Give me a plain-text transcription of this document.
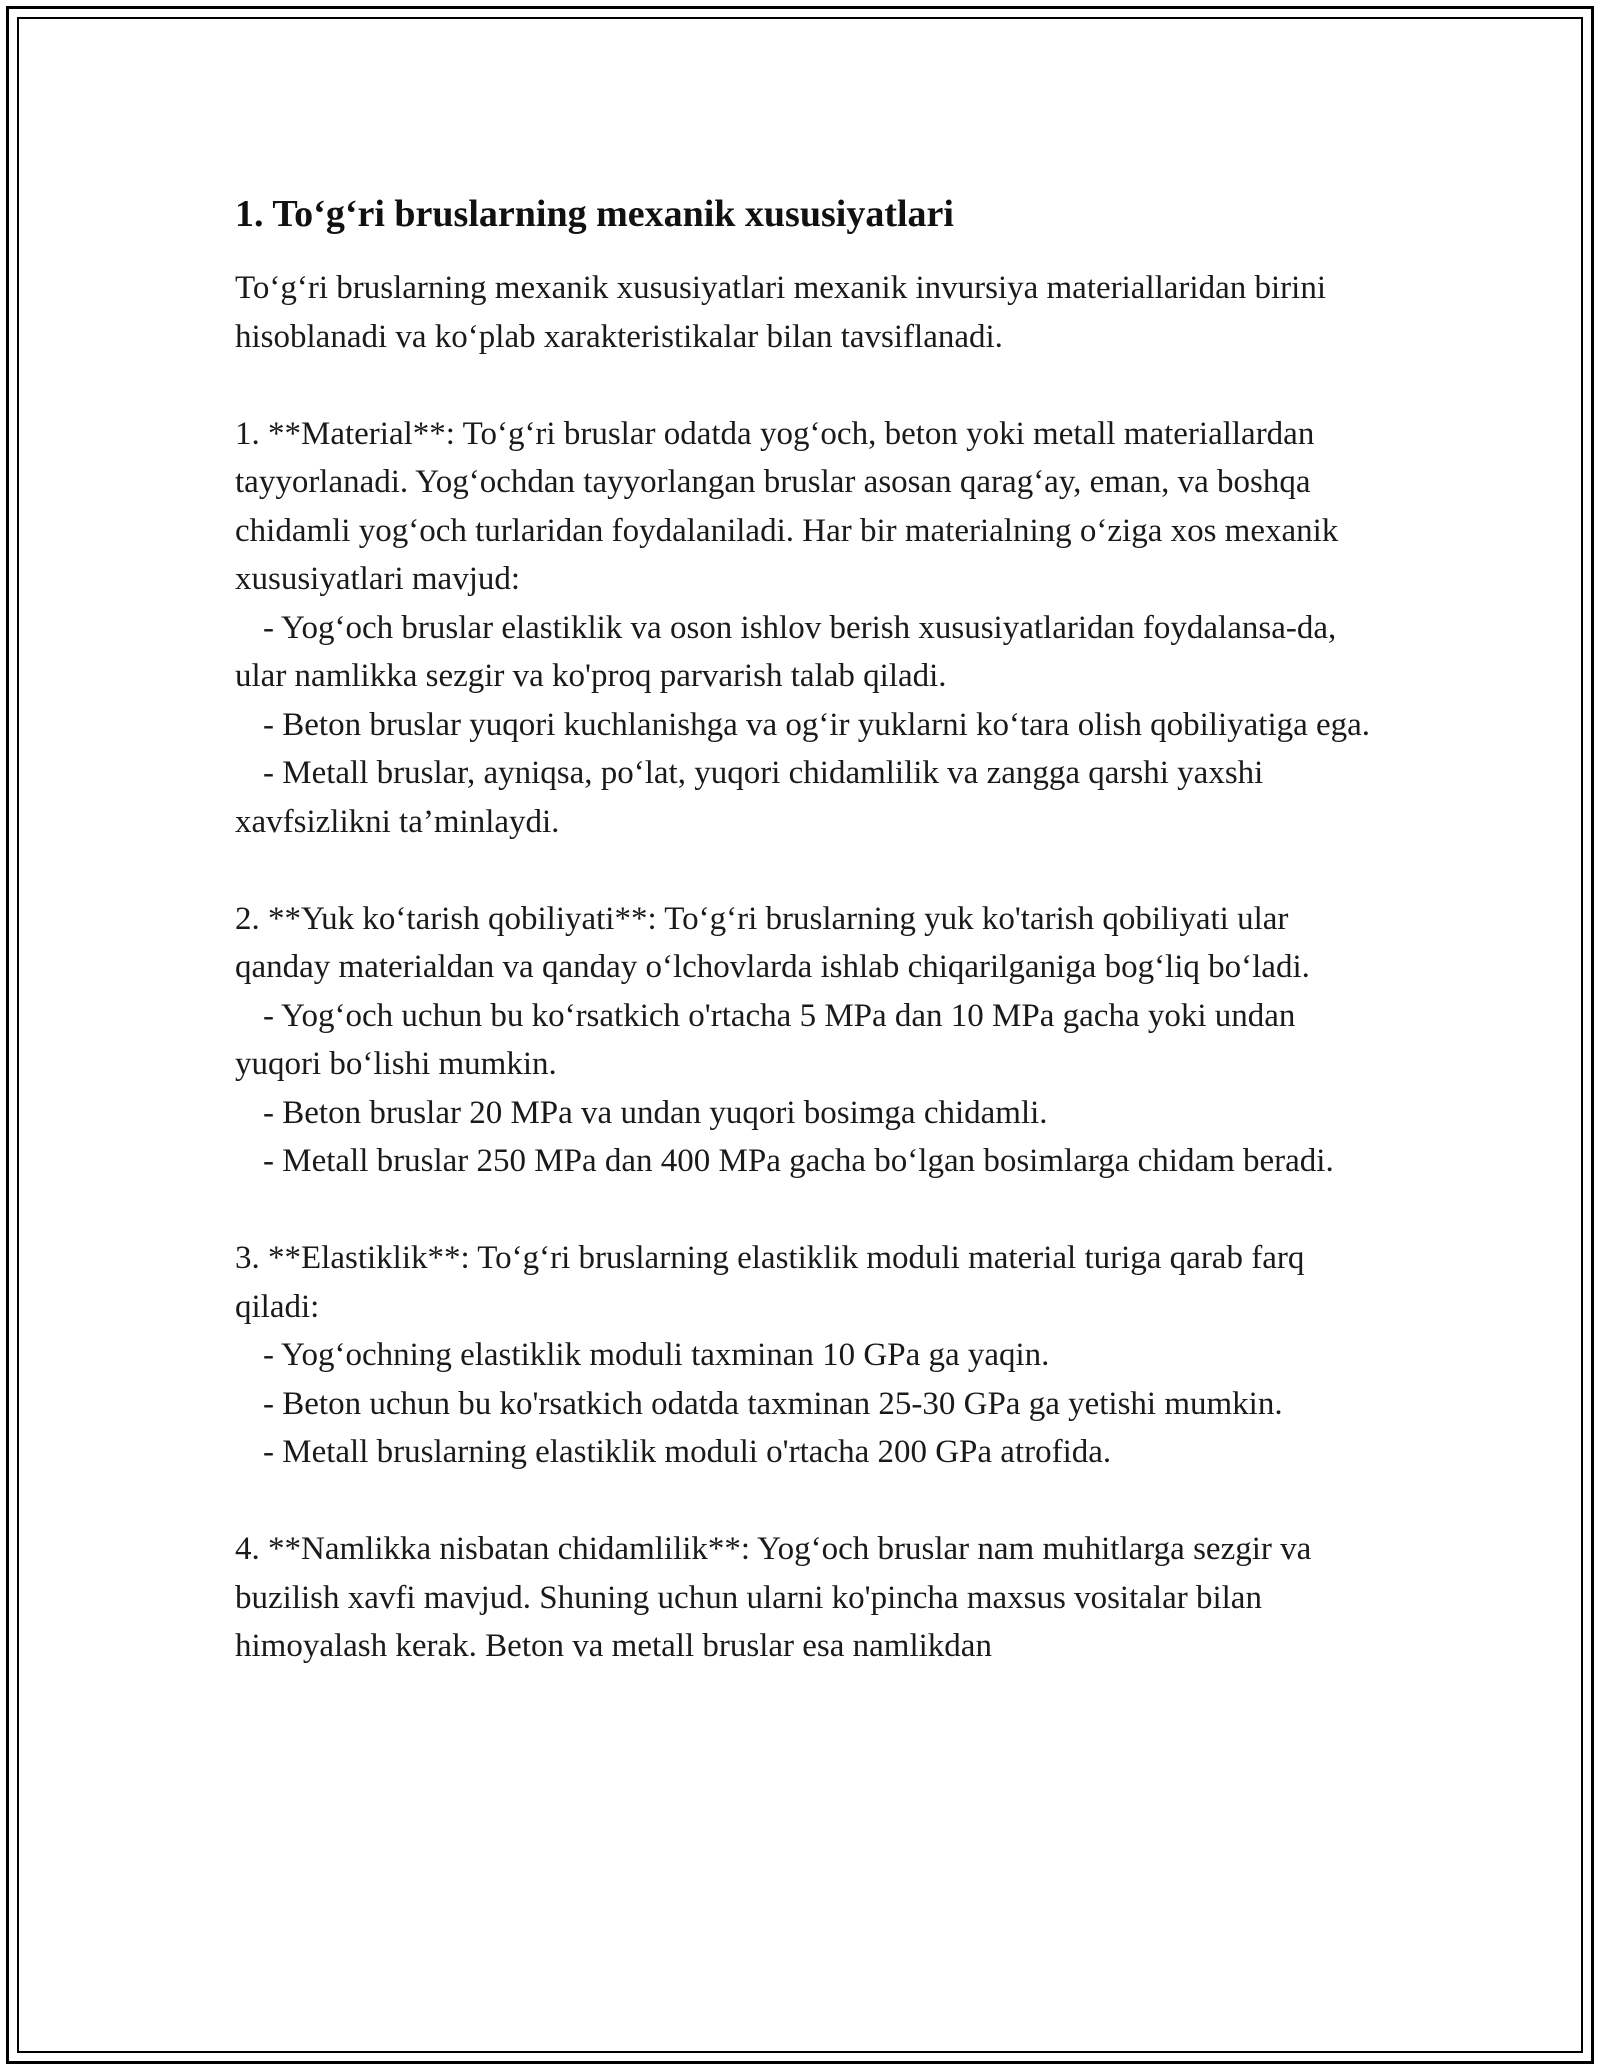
1. To‘g‘ri bruslarning mexanik xususiyatlari

To‘g‘ri bruslarning mexanik xususiyatlari mexanik invursiya materiallaridan birini hisoblanadi va ko‘plab xarakteristikalar bilan tavsiflanadi.

1. **Material**: To‘g‘ri bruslar odatda yog‘och, beton yoki metall materiallardan tayyorlanadi. Yog‘ochdan tayyorlangan bruslar asosan qarag‘ay, eman, va boshqa chidamli yog‘och turlaridan foydalaniladi. Har bir materialning o‘ziga xos mexanik xususiyatlari mavjud:

- Yog‘och bruslar elastiklik va oson ishlov berish xususiyatlaridan foydalansa-da, ular namlikka sezgir va ko'proq parvarish talab qiladi.

- Beton bruslar yuqori kuchlanishga va og‘ir yuklarni ko‘tara olish qobiliyatiga ega.

- Metall bruslar, ayniqsa, po‘lat, yuqori chidamlilik va zangga qarshi yaxshi xavfsizlikni ta’minlaydi.

2. **Yuk ko‘tarish qobiliyati**: To‘g‘ri bruslarning yuk ko'tarish qobiliyati ular qanday materialdan va qanday o‘lchovlarda ishlab chiqarilganiga bog‘liq bo‘ladi.

- Yog‘och uchun bu ko‘rsatkich o'rtacha 5 MPa dan 10 MPa gacha yoki undan yuqori bo‘lishi mumkin.

- Beton bruslar 20 MPa va undan yuqori bosimga chidamli.

- Metall bruslar 250 MPa dan 400 MPa gacha bo‘lgan bosimlarga chidam beradi.

3. **Elastiklik**: To‘g‘ri bruslarning elastiklik moduli material turiga qarab farq qiladi:

- Yog‘ochning elastiklik moduli taxminan 10 GPa ga yaqin.

- Beton uchun bu ko'rsatkich odatda taxminan 25-30 GPa ga yetishi mumkin.

- Metall bruslarning elastiklik moduli o'rtacha 200 GPa atrofida.

4. **Namlikka nisbatan chidamlilik**: Yog‘och bruslar nam muhitlarga sezgir va buzilish xavfi mavjud. Shuning uchun ularni ko'pincha maxsus vositalar bilan himoyalash kerak. Beton va metall bruslar esa namlikdan
